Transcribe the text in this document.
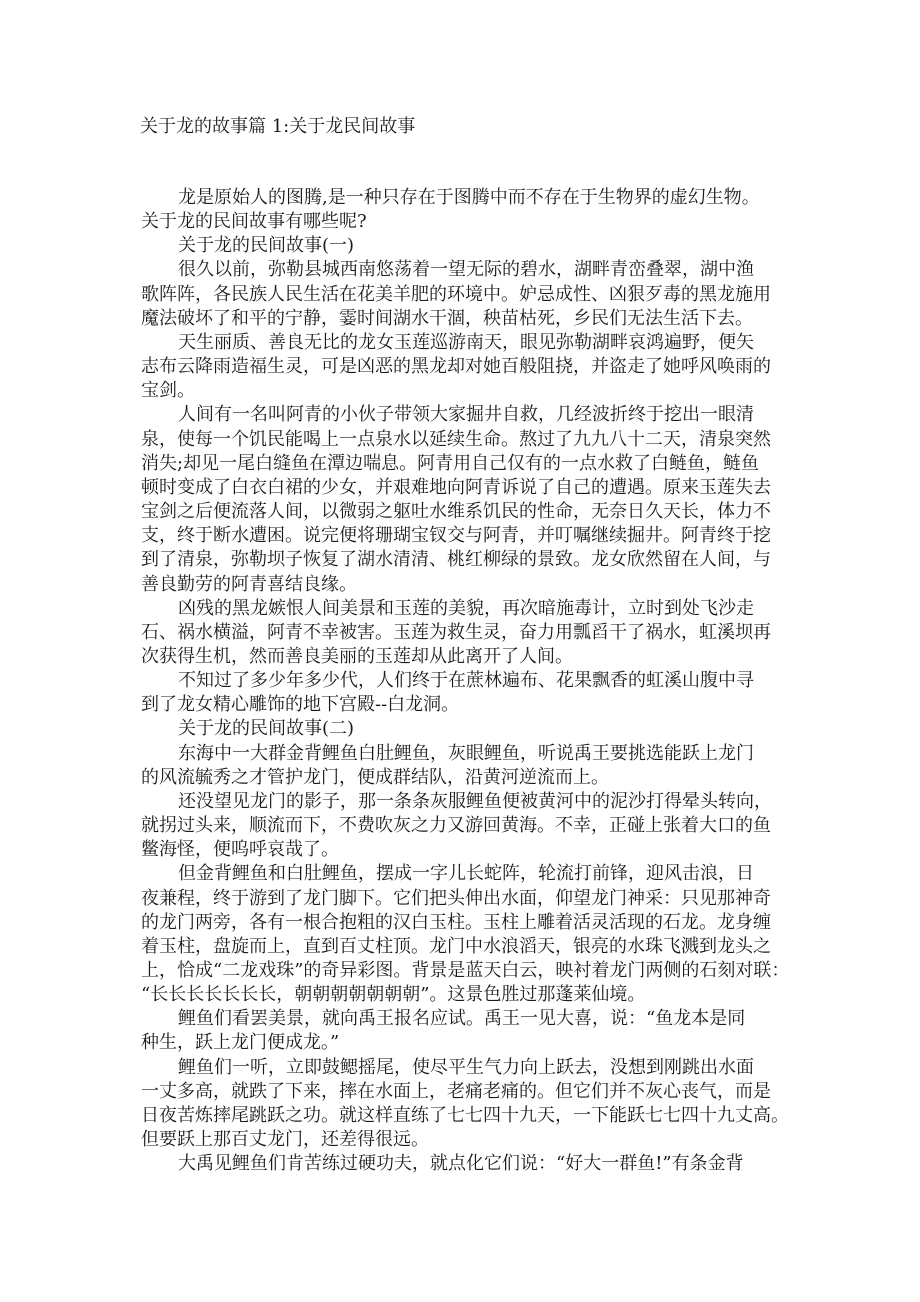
关于龙的故事篇 1:关于龙民间故事
龙是原始人的图腾,是一种只存在于图腾中而不存在于生物界的虚幻生物。
关于龙的民间故事有哪些呢?
关于龙的民间故事(一)
很久以前，弥勒县城西南悠荡着一望无际的碧水，湖畔青峦叠翠，湖中渔
歌阵阵，各民族人民生活在花美羊肥的环境中。妒忌成性、凶狠歹毒的黑龙施用
魔法破坏了和平的宁静，霎时间湖水干涸，秧苗枯死，乡民们无法生活下去。
天生丽质、善良无比的龙女玉莲巡游南天，眼见弥勒湖畔哀鸿遍野，便矢
志布云降雨造福生灵，可是凶恶的黑龙却对她百般阻挠，并盗走了她呼风唤雨的
宝剑。
人间有一名叫阿青的小伙子带领大家掘井自救，几经波折终于挖出一眼清
泉，使每一个饥民能喝上一点泉水以延续生命。熬过了九九八十二天，清泉突然
消失;却见一尾白缝鱼在潭边喘息。阿青用自己仅有的一点水救了白鲢鱼，鲢鱼
顿时变成了白衣白裙的少女，并艰难地向阿青诉说了自己的遭遇。原来玉莲失去
宝剑之后便流落人间，以微弱之躯吐水维系饥民的性命，无奈日久天长，体力不
支，终于断水遭困。说完便将珊瑚宝钗交与阿青，并叮嘱继续掘井。阿青终于挖
到了清泉，弥勒坝子恢复了湖水清清、桃红柳绿的景致。龙女欣然留在人间，与
善良勤劳的阿青喜结良缘。
凶残的黑龙嫉恨人间美景和玉莲的美貌，再次暗施毒计，立时到处飞沙走
石、祸水横溢，阿青不幸被害。玉莲为救生灵，奋力用瓢舀干了祸水，虹溪坝再
次获得生机，然而善良美丽的玉莲却从此离开了人间。
不知过了多少年多少代，人们终于在蔗林遍布、花果飘香的虹溪山腹中寻
到了龙女精心雕饰的地下宫殿--白龙洞。
关于龙的民间故事(二)
东海中一大群金背鲤鱼白肚鲤鱼，灰眼鲤鱼，听说禹王要挑选能跃上龙门
的风流毓秀之才管护龙门，便成群结队，沿黄河逆流而上。
还没望见龙门的影子，那一条条灰服鲤鱼便被黄河中的泥沙打得晕头转向，
就拐过头来，顺流而下，不费吹灰之力又游回黄海。不幸，正碰上张着大口的鱼
鳖海怪，便呜呼哀哉了。
但金背鲤鱼和白肚鲤鱼，摆成一字儿长蛇阵，轮流打前锋，迎风击浪，日
夜兼程，终于游到了龙门脚下。它们把头伸出水面，仰望龙门神采：只见那神奇
的龙门两旁，各有一根合抱粗的汉白玉柱。玉柱上雕着活灵活现的石龙。龙身缠
着玉柱，盘旋而上，直到百丈柱顶。龙门中水浪滔天，银亮的水珠飞溅到龙头之
上，恰成“二龙戏珠”的奇异彩图。背景是蓝天白云，映衬着龙门两侧的石刻对联：
“长长长长长长长，朝朝朝朝朝朝朝”。这景色胜过那蓬莱仙境。
鲤鱼们看罢美景，就向禹王报名应试。禹王一见大喜，说：“鱼龙本是同
种生，跃上龙门便成龙。”
鲤鱼们一听，立即鼓鳃摇尾，使尽平生气力向上跃去，没想到刚跳出水面
一丈多高，就跌了下来，摔在水面上，老痛老痛的。但它们并不灰心丧气，而是
日夜苦炼摔尾跳跃之功。就这样直练了七七四十九天，一下能跃七七四十九丈高。
但要跃上那百丈龙门，还差得很远。
大禹见鲤鱼们肯苦练过硬功夫，就点化它们说：“好大一群鱼!”有条金背
